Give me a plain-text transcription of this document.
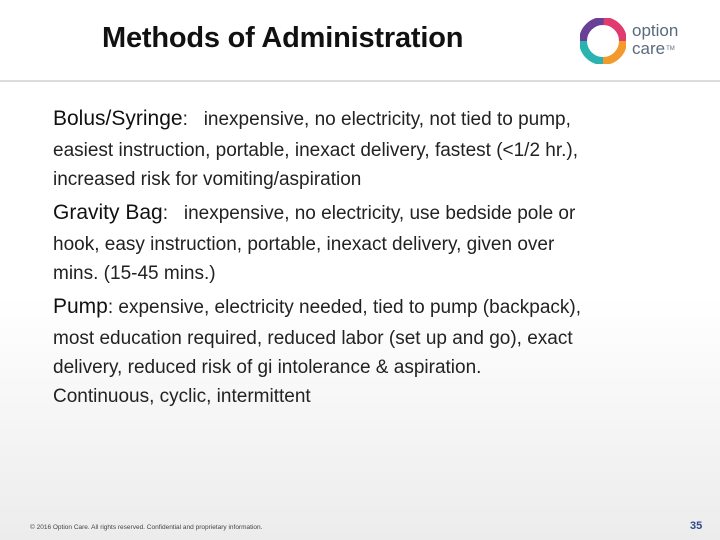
Methods of Administration	option
care™
Bolus/Syringe: inexpensive, no electricity, not tied to pump,
easiest instruction, portable, inexact delivery, fastest (<1/2 hr.),
increased risk for vomiting/aspiration
Gravity Bag: inexpensive, no electricity, use bedside pole or
hook, easy instruction, portable, inexact delivery, given over
mins. (15-45 mins.)
Pump: expensive, electricity needed, tied to pump (backpack),
most education required, reduced labor (set up and go), exact
delivery, reduced risk of gi intolerance & aspiration.
Continuous, cyclic, intermittent
© 2016 Option Care. All rights reserved. Confidential and proprietary information.	35
